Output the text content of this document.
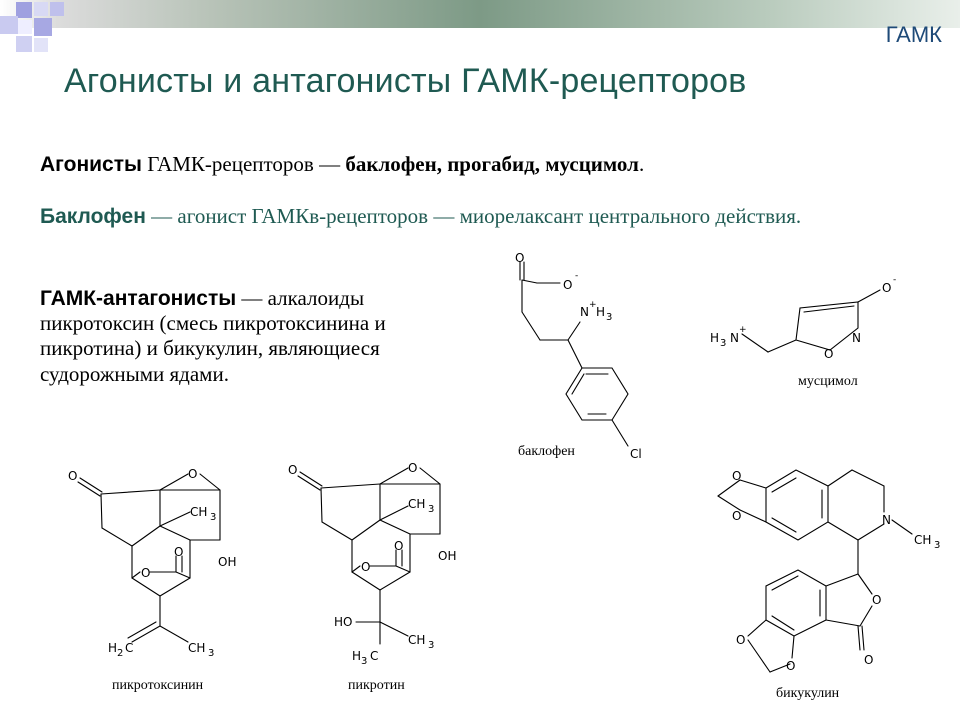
ГАМК
Агонисты и антагонисты ГАМК-рецепторов
Агонисты ГАМК-рецепторов — баклофен, прогабид, мусцимол.
Баклофен — агонист ГАМКв-рецепторов — миорелаксант центрального действия.
ГАМК-антагонисты — алкалоиды пикротоксин (смесь пикротоксинина и пикротина) и бикукулин, являющиеся судорожными ядами.
O
O
-
N + H 3
Cl
O
-
N
O
H 3 N
+
O	O
CH 3
O
O
OH
H 2 C	CH 3
O	O
CH 3
O
O
OH
HO
CH 3
H 3 C
O
O	N
CH 3
O
O
O
O
баклофен
мусцимол
пикротоксинин	пикротин
бикукулин
